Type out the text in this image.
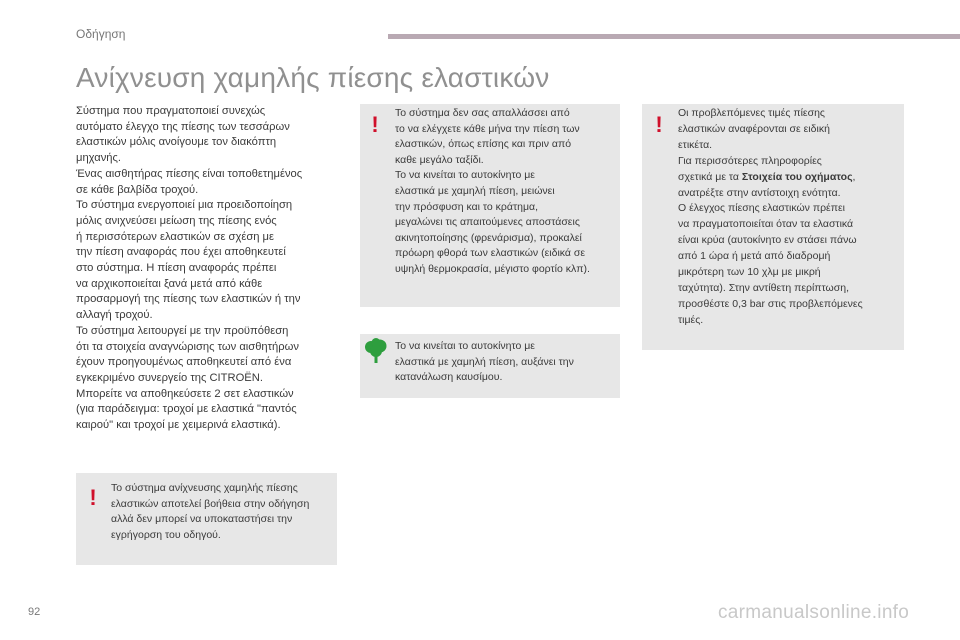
Οδήγηση
Ανίχνευση χαμηλής πίεσης ελαστικών

Σύστημα που πραγματοποιεί συνεχώς
αυτόματο έλεγχο της πίεσης των τεσσάρων
ελαστικών μόλις ανοίγουμε τον διακόπτη
μηχανής.
Ένας αισθητήρας πίεσης είναι τοποθετημένος
σε κάθε βαλβίδα τροχού.
Το σύστημα ενεργοποιεί μια προειδοποίηση
μόλις ανιχνεύσει μείωση της πίεσης ενός
ή περισσότερων ελαστικών σε σχέση με
την πίεση αναφοράς που έχει αποθηκευτεί
στο σύστημα. Η πίεση αναφοράς πρέπει
να αρχικοποιείται ξανά μετά από κάθε
προσαρμογή της πίεσης των ελαστικών ή την
αλλαγή τροχού.
Το σύστημα λειτουργεί με την προϋπόθεση
ότι τα στοιχεία αναγνώρισης των αισθητήρων
έχουν προηγουμένως αποθηκευτεί από ένα
εγκεκριμένο συνεργείο της CITROËN.
Μπορείτε να αποθηκεύσετε 2 σετ ελαστικών
(για παράδειγμα: τροχοί με ελαστικά "παντός
καιρού" και τροχοί με χειμερινά ελαστικά).

! Το σύστημα ανίχνευσης χαμηλής πίεσης
ελαστικών αποτελεί βοήθεια στην οδήγηση
αλλά δεν μπορεί να υποκαταστήσει την
εγρήγορση του οδηγού.
! Το σύστημα δεν σας απαλλάσσει από
το να ελέγχετε κάθε μήνα την πίεση των
ελαστικών, όπως επίσης και πριν από
καθε μεγάλο ταξίδι.
Το να κινείται το αυτοκίνητο με
ελαστικά με χαμηλή πίεση, μειώνει
την πρόσφυση και το κράτημα,
μεγαλώνει τις απαιτούμενες αποστάσεις
ακινητοποίησης (φρενάρισμα), προκαλεί
πρόωρη φθορά των ελαστικών (ειδικά σε
υψηλή θερμοκρασία, μέγιστο φορτίο κλπ).
Το να κινείται το αυτοκίνητο με
ελαστικά με χαμηλή πίεση, αυξάνει την
κατανάλωση καυσίμου.
! Οι προβλεπόμενες τιμές πίεσης
ελαστικών αναφέρονται σε ειδική
ετικέτα.
Για περισσότερες πληροφορίες
σχετικά με τα Στοιχεία του οχήματος,
ανατρέξτε στην αντίστοιχη ενότητα.
Ο έλεγχος πίεσης ελαστικών πρέπει
να πραγματοποιείται όταν τα ελαστικά
είναι κρύα (αυτοκίνητο εν στάσει πάνω
από 1 ώρα ή μετά από διαδρομή
μικρότερη των 10 χλμ με μικρή
ταχύτητα). Στην αντίθετη περίπτωση,
προσθέστε 0,3 bar στις προβλεπόμενες
τιμές.
92	carmanualsonline.info
